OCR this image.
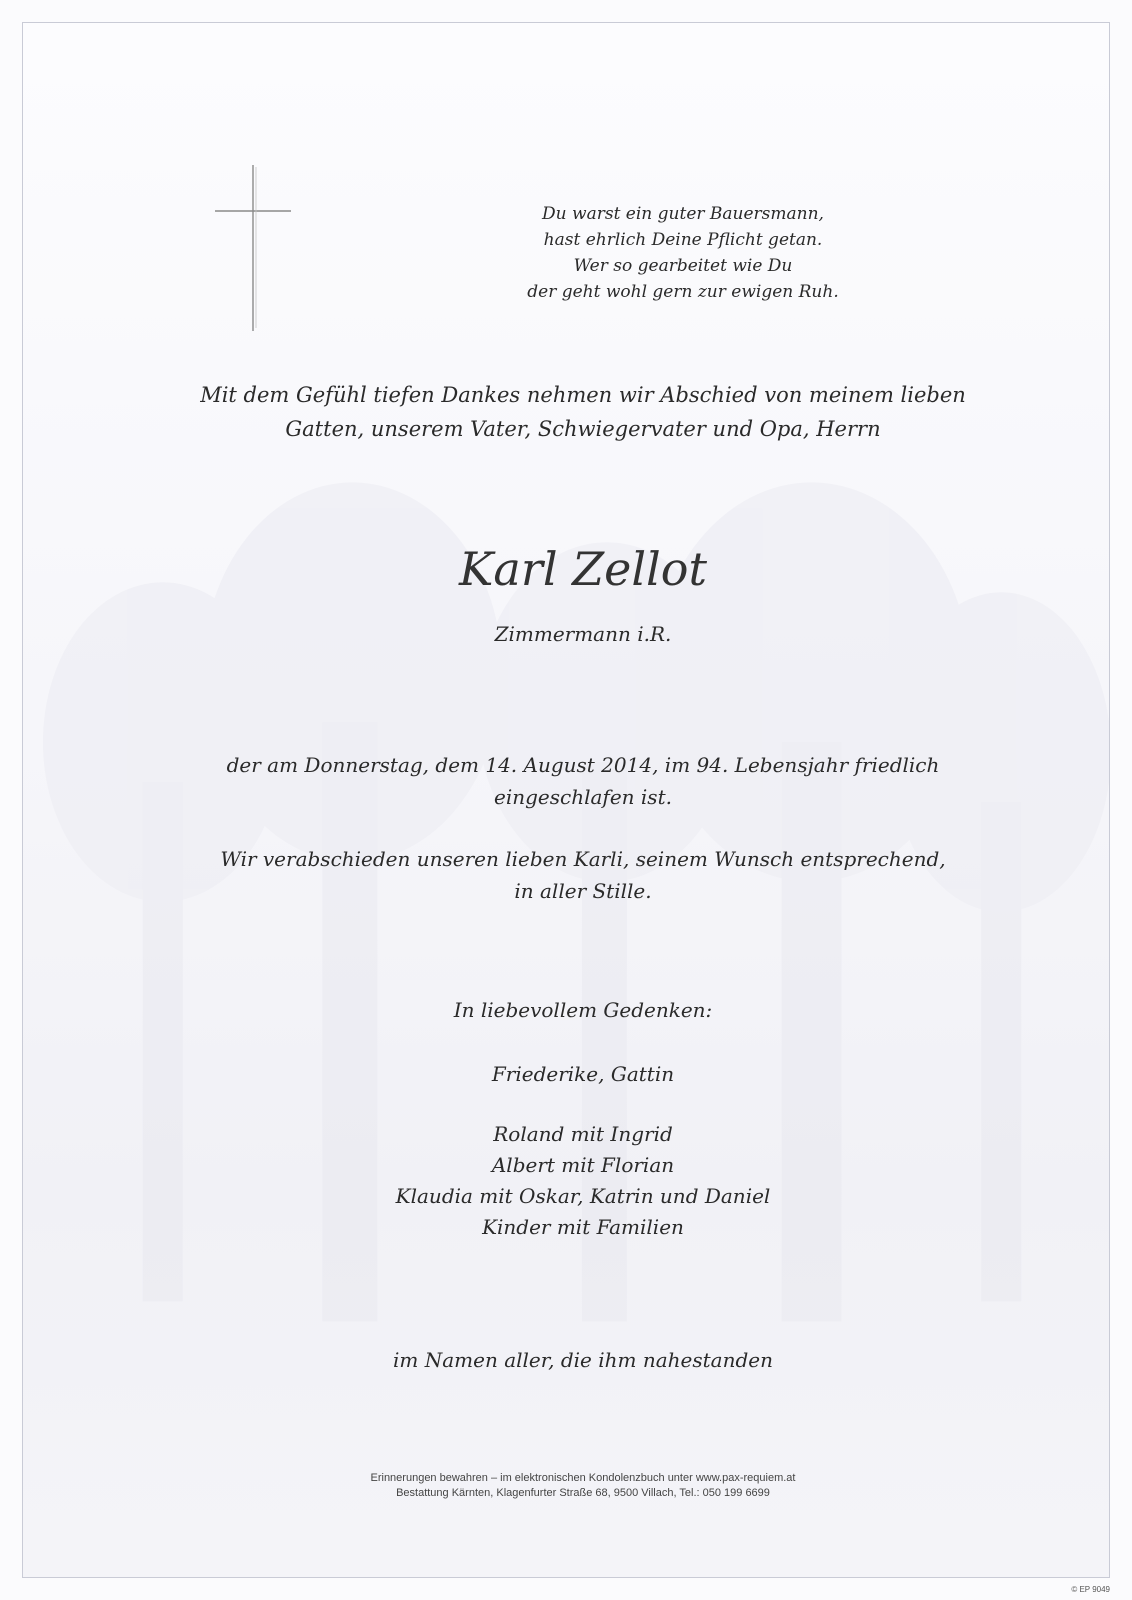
Du warst ein guter Bauersmann,
hast ehrlich Deine Pflicht getan.
Wer so gearbeitet wie Du
der geht wohl gern zur ewigen Ruh.
Mit dem Gefühl tiefen Dankes nehmen wir Abschied von meinem lieben
Gatten, unserem Vater, Schwiegervater und Opa, Herrn
Karl Zellot
Zimmermann i.R.
der am Donnerstag, dem 14. August 2014, im 94. Lebensjahr friedlich
eingeschlafen ist.
Wir verabschieden unseren lieben Karli, seinem Wunsch entsprechend,
in aller Stille.
In liebevollem Gedenken:
Friederike, Gattin
Roland mit Ingrid
Albert mit Florian
Klaudia mit Oskar, Katrin und Daniel
Kinder mit Familien
im Namen aller, die ihm nahestanden
Erinnerungen bewahren – im elektronischen Kondolenzbuch unter www.pax-requiem.at
Bestattung Kärnten, Klagenfurter Straße 68, 9500 Villach, Tel.: 050 199 6699
© EP 9049
